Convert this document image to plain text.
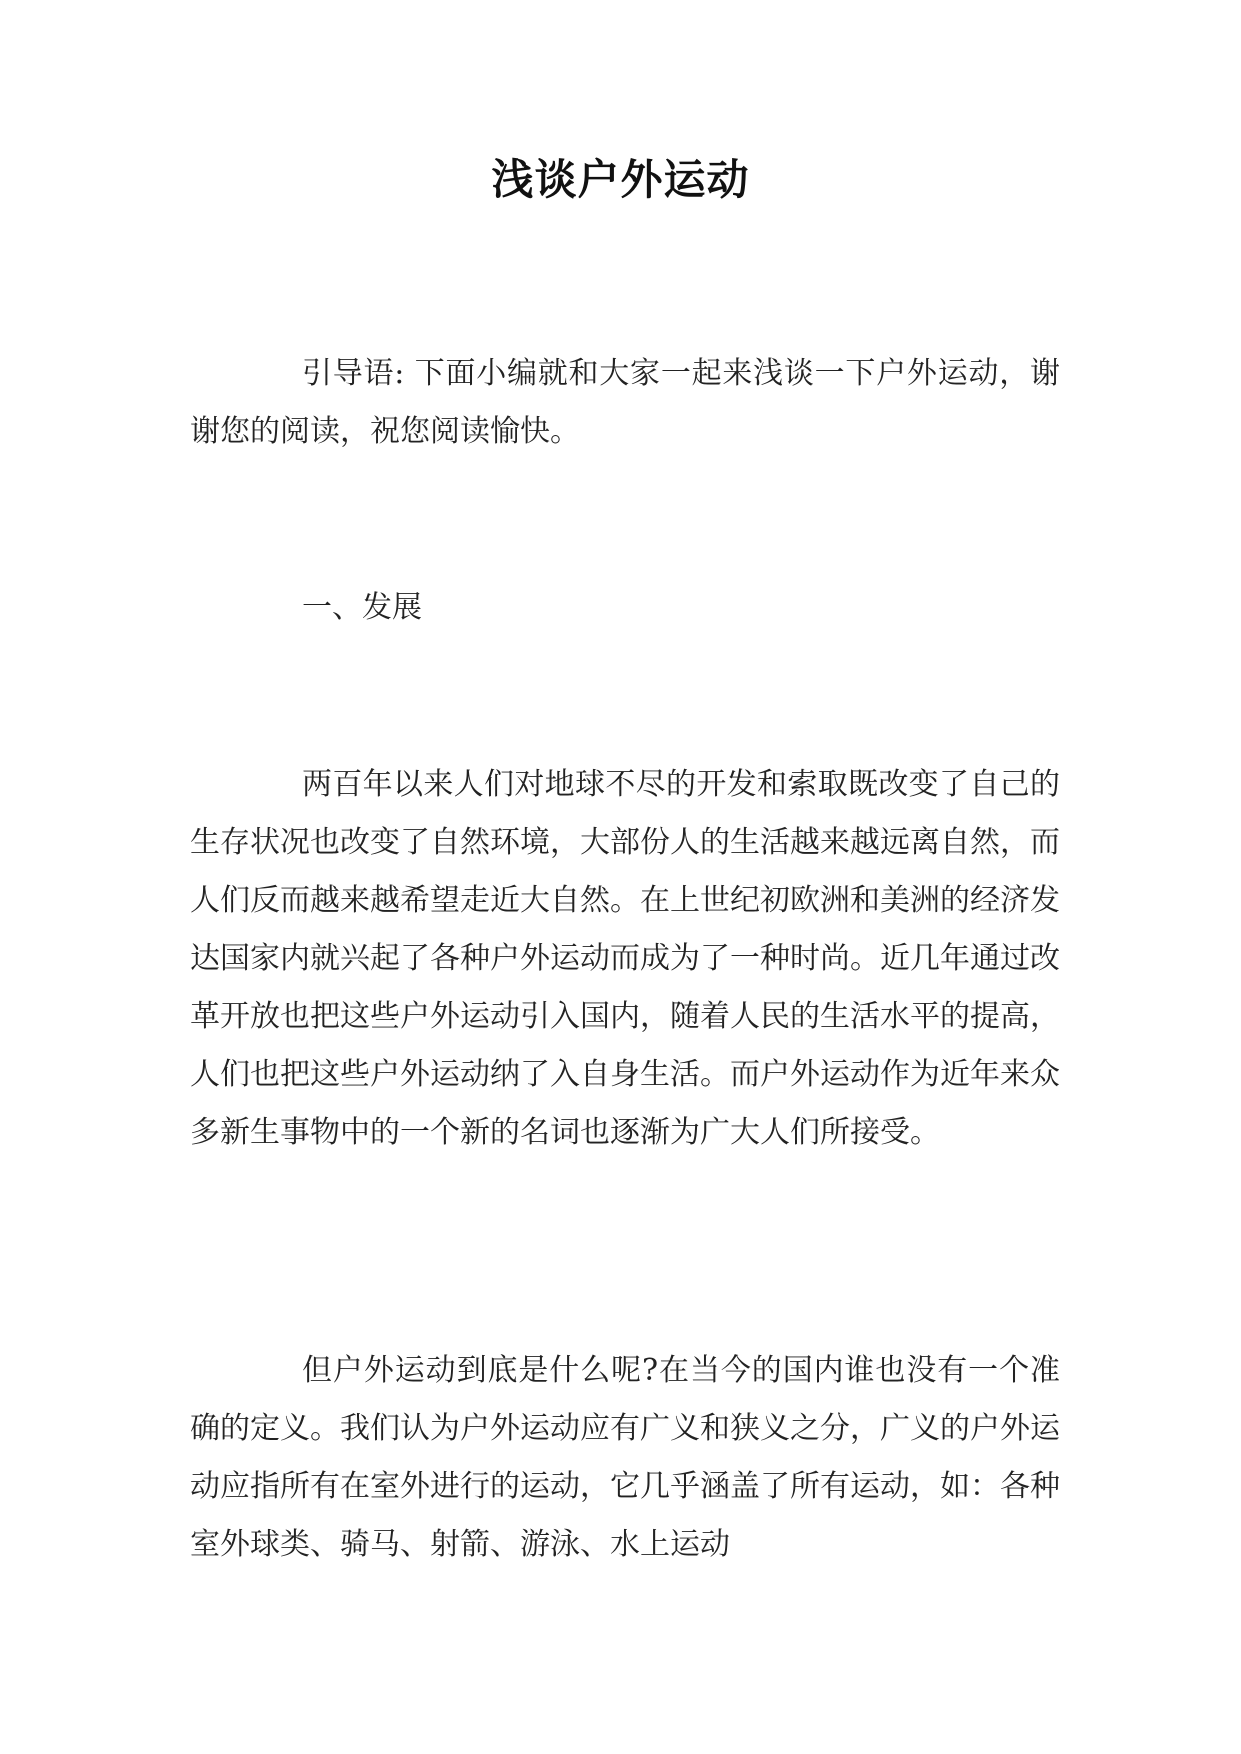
浅谈户外运动
引导语: 下面小编就和大家一起来浅谈一下户外运动，谢谢您的阅读，祝您阅读愉快。
一、发展
两百年以来人们对地球不尽的开发和索取既改变了自己的生存状况也改变了自然环境，大部份人的生活越来越远离自然，而人们反而越来越希望走近大自然。在上世纪初欧洲和美洲的经济发达国家内就兴起了各种户外运动而成为了一种时尚。近几年通过改革开放也把这些户外运动引入国内，随着人民的生活水平的提高，人们也把这些户外运动纳了入自身生活。而户外运动作为近年来众多新生事物中的一个新的名词也逐渐为广大人们所接受。
但户外运动到底是什么呢?在当今的国内谁也没有一个准确的定义。我们认为户外运动应有广义和狭义之分，广义的户外运动应指所有在室外进行的运动，它几乎涵盖了所有运动，如：各种室外球类、骑马、射箭、游泳、水上运动
